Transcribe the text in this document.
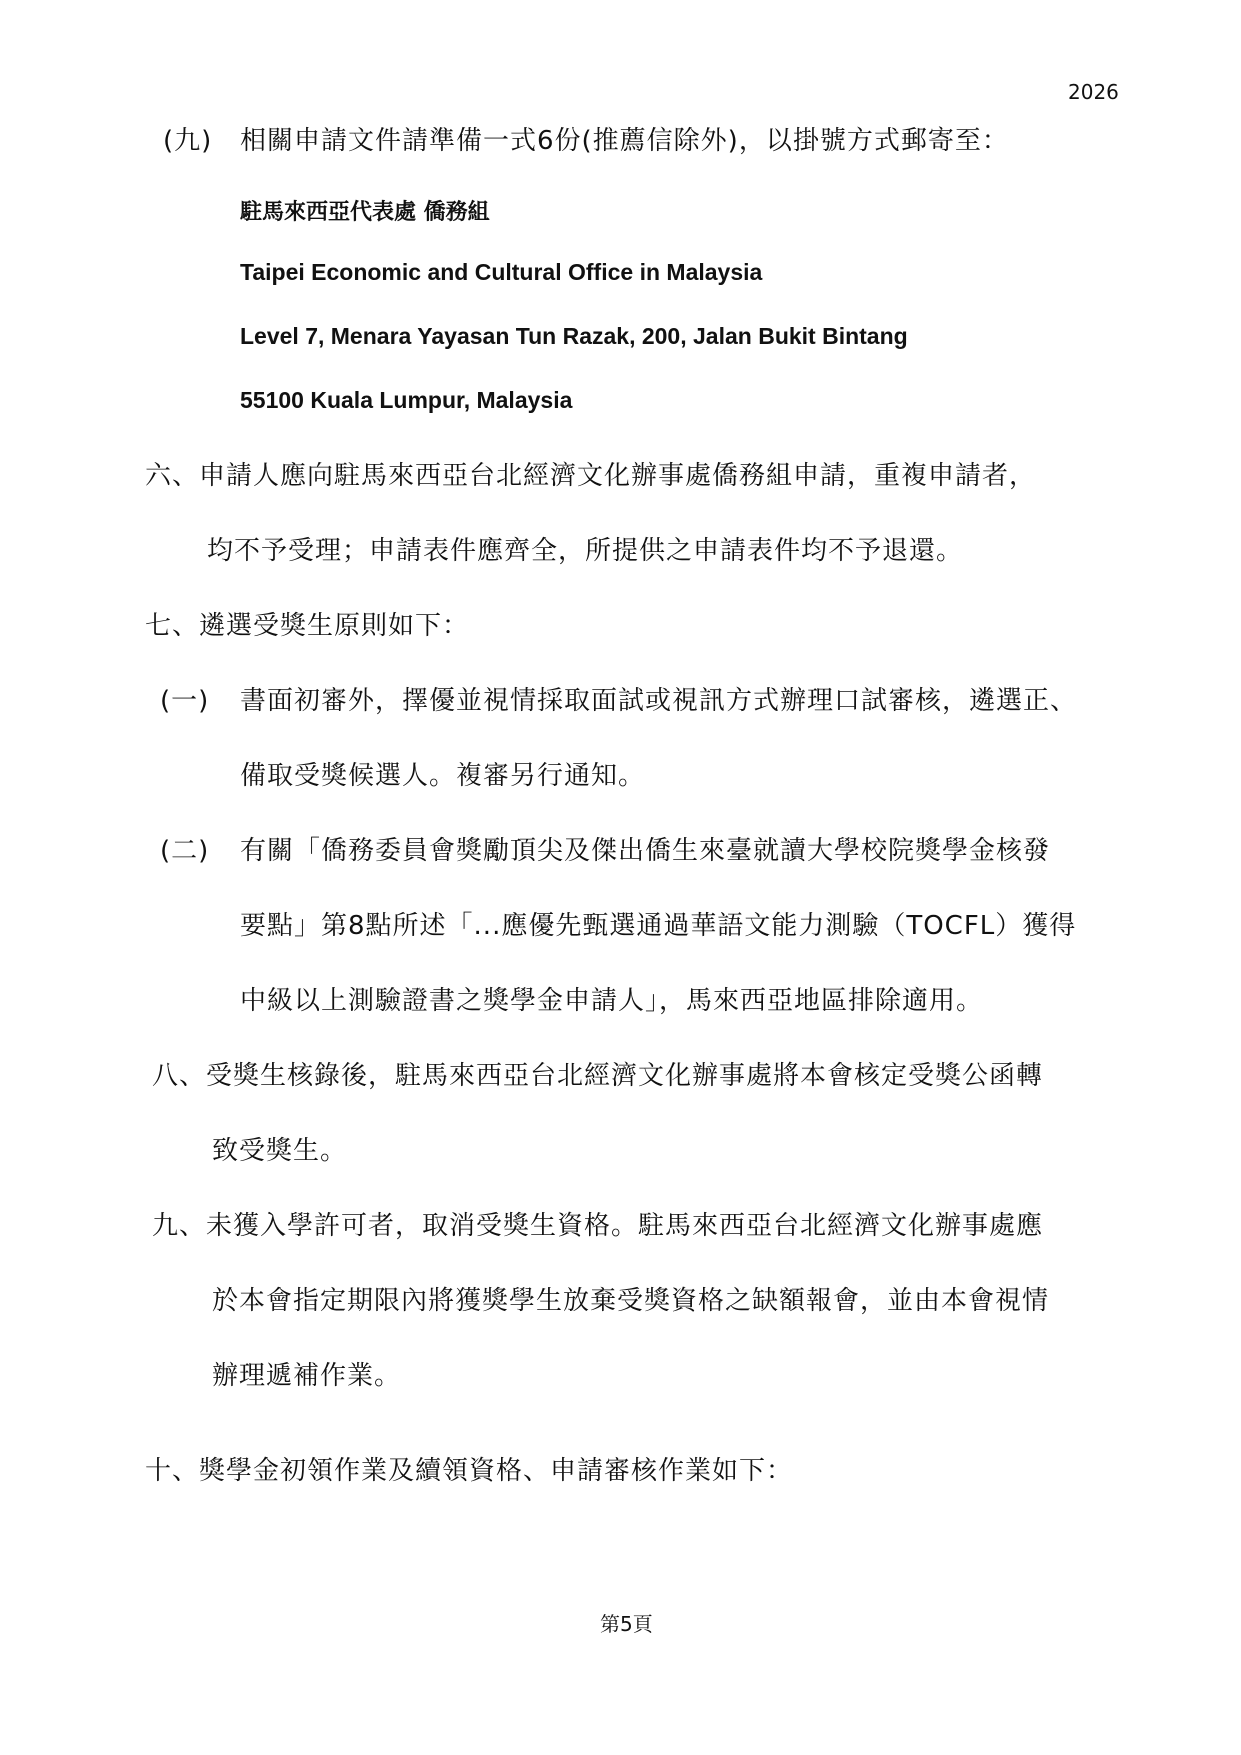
2026
(九) 相關申請文件請準備一式6份(推薦信除外)，以掛號方式郵寄至：
駐馬來西亞代表處 僑務組
Taipei Economic and Cultural Office in Malaysia
Level 7, Menara Yayasan Tun Razak, 200, Jalan Bukit Bintang
55100 Kuala Lumpur, Malaysia
六、申請人應向駐馬來西亞台北經濟文化辦事處僑務組申請，重複申請者，
均不予受理；申請表件應齊全，所提供之申請表件均不予退還。
七、遴選受獎生原則如下：
(一) 書面初審外，擇優並視情採取面試或視訊方式辦理口試審核，遴選正、
備取受獎候選人。複審另行通知。
(二) 有關「僑務委員會獎勵頂尖及傑出僑生來臺就讀大學校院獎學金核發
要點」第8點所述「...應優先甄選通過華語文能力測驗（TOCFL）獲得
中級以上測驗證書之獎學金申請人」，馬來西亞地區排除適用。
八、受獎生核錄後，駐馬來西亞台北經濟文化辦事處將本會核定受獎公函轉
致受獎生。
九、未獲入學許可者，取消受獎生資格。駐馬來西亞台北經濟文化辦事處應
於本會指定期限內將獲獎學生放棄受獎資格之缺額報會，並由本會視情
辦理遞補作業。
十、獎學金初領作業及續領資格、申請審核作業如下：
第5頁
